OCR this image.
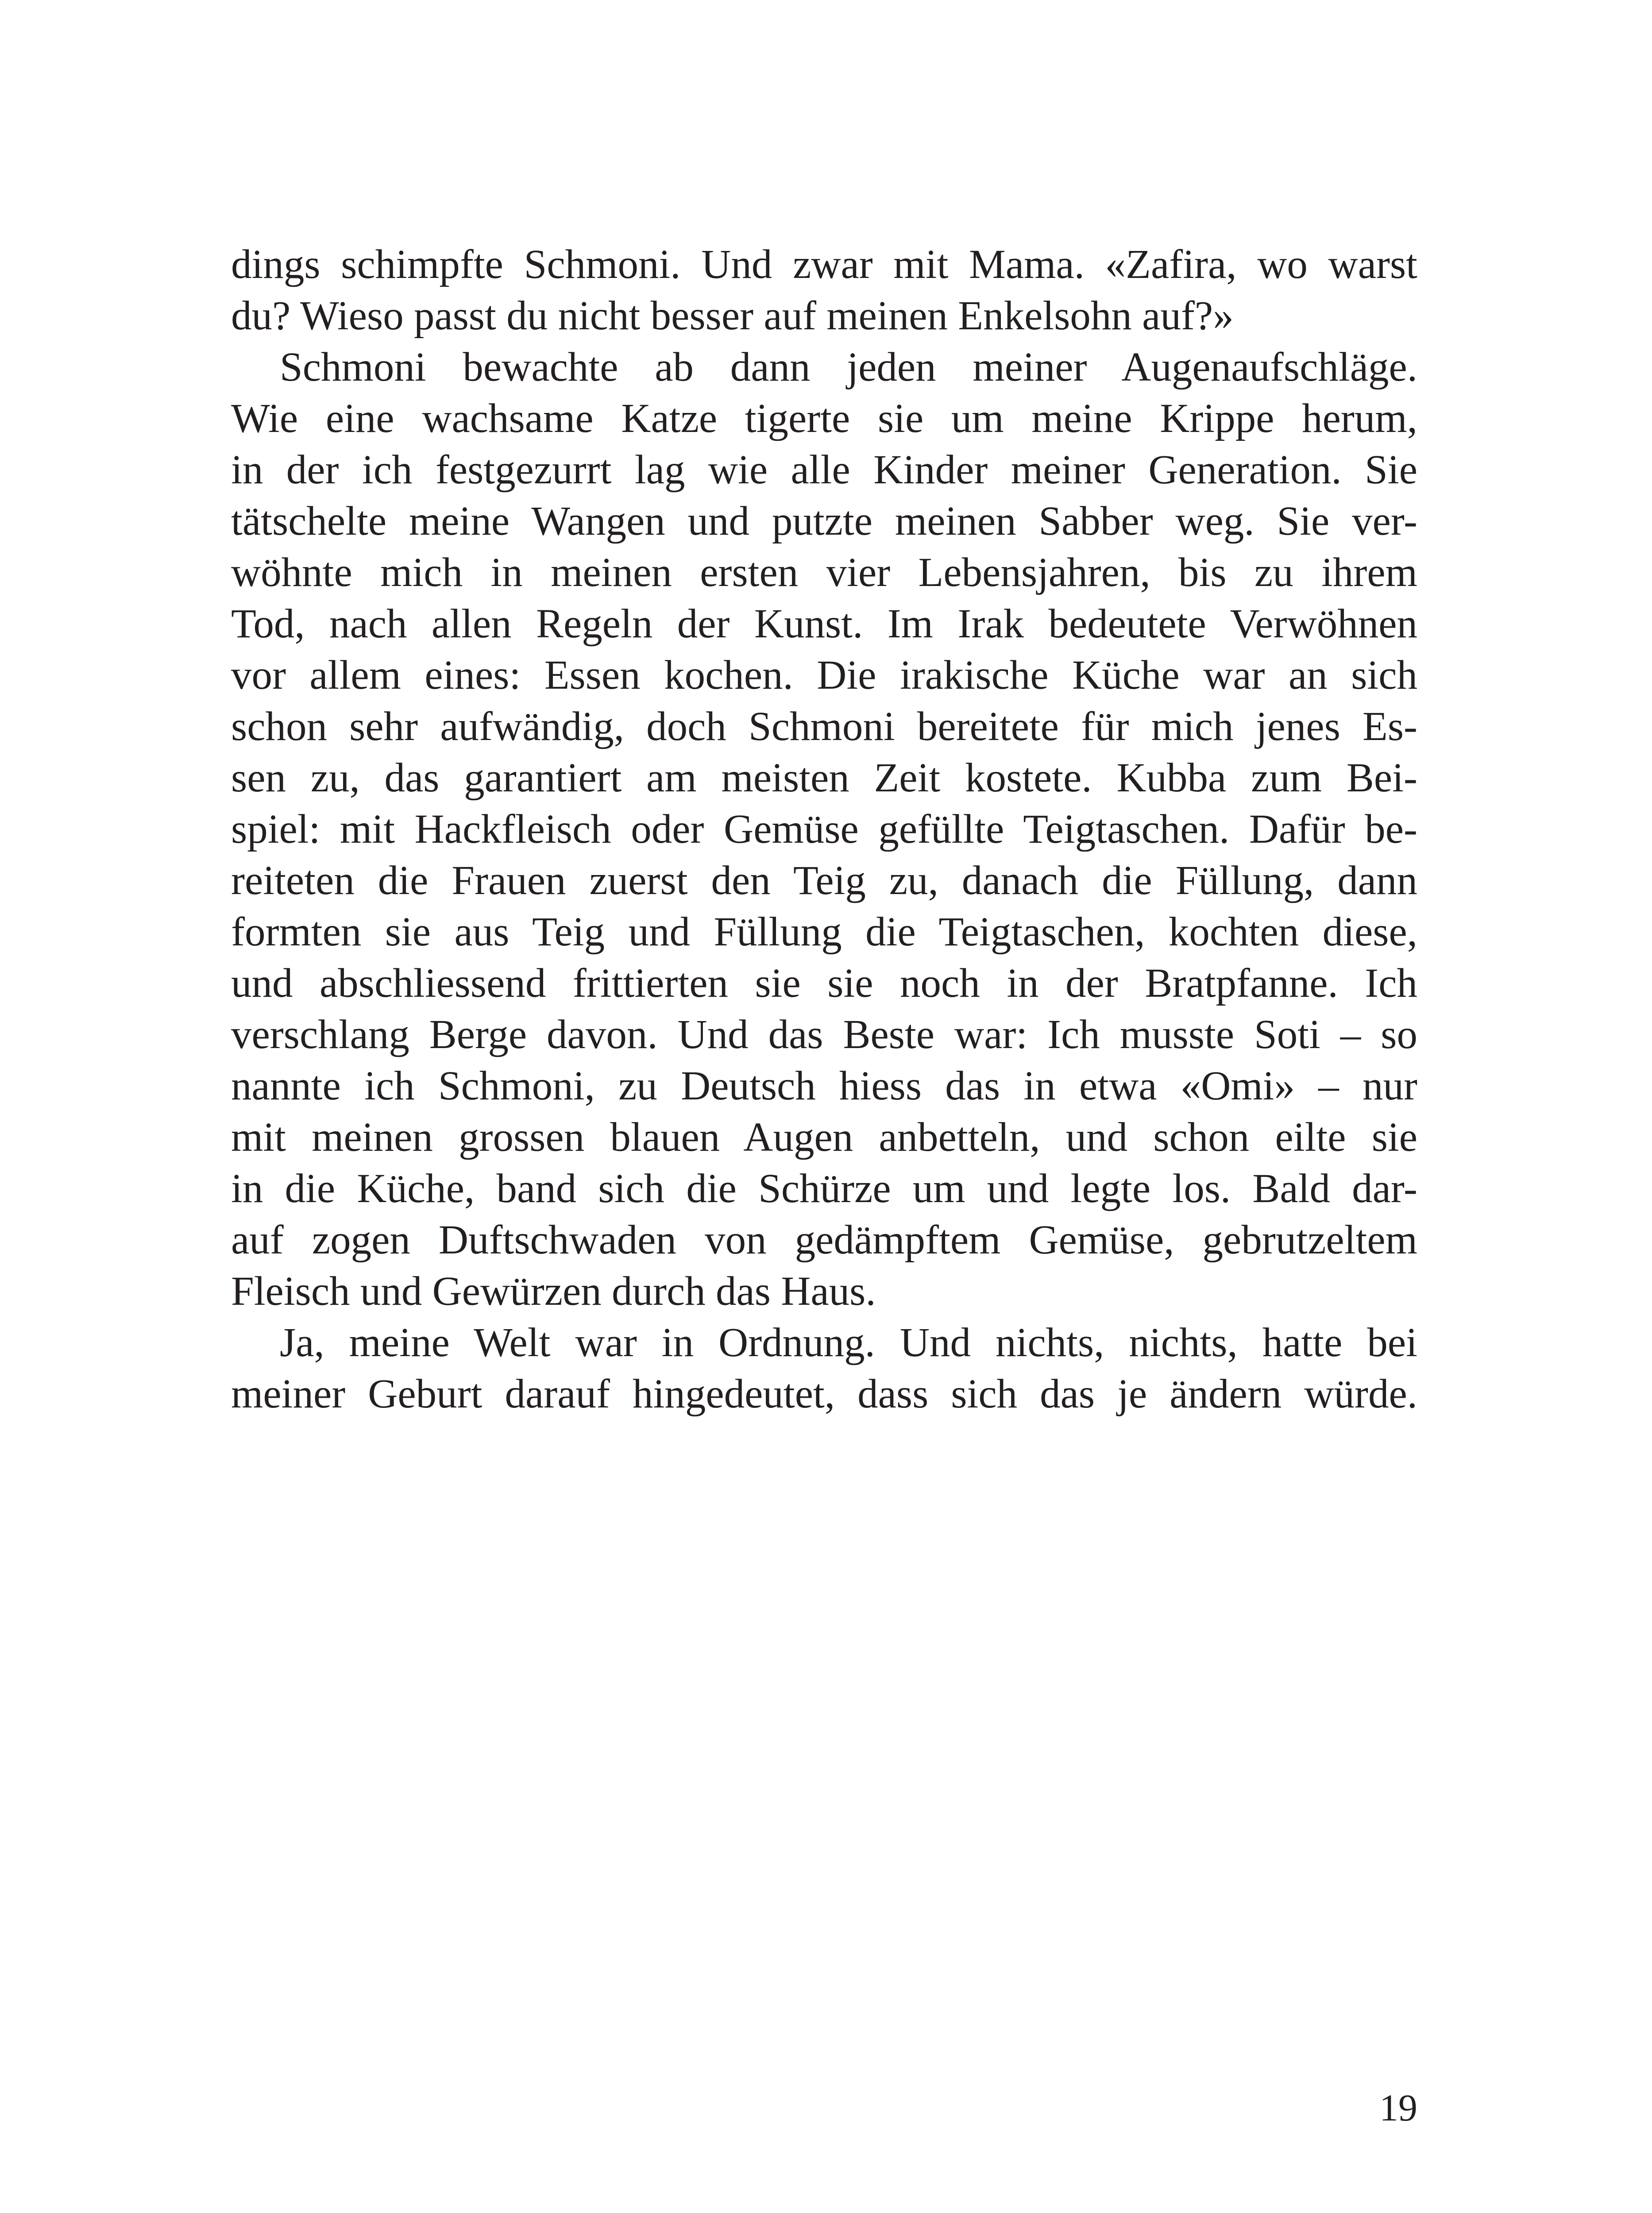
dings schimpfte Schmoni. Und zwar mit Mama. «Zafira, wo warst
du? Wieso passt du nicht besser auf meinen Enkelsohn auf?»
Schmoni bewachte ab dann jeden meiner Augenaufschläge.
Wie eine wachsame Katze tigerte sie um meine Krippe herum,
in der ich festgezurrt lag wie alle Kinder meiner Generation. Sie
tätschelte meine Wangen und putzte meinen Sabber weg. Sie ver-
wöhnte mich in meinen ersten vier Lebensjahren, bis zu ihrem
Tod, nach allen Regeln der Kunst. Im Irak bedeutete Verwöhnen
vor allem eines: Essen kochen. Die irakische Küche war an sich
schon sehr aufwändig, doch Schmoni bereitete für mich jenes Es-
sen zu, das garantiert am meisten Zeit kostete. Kubba zum Bei-
spiel: mit Hackfleisch oder Gemüse gefüllte Teigtaschen. Dafür be-
reiteten die Frauen zuerst den Teig zu, danach die Füllung, dann
formten sie aus Teig und Füllung die Teigtaschen, kochten diese,
und abschliessend frittierten sie sie noch in der Bratpfanne. Ich
verschlang Berge davon. Und das Beste war: Ich musste Soti – so
nannte ich Schmoni, zu Deutsch hiess das in etwa «Omi» – nur
mit meinen grossen blauen Augen anbetteln, und schon eilte sie
in die Küche, band sich die Schürze um und legte los. Bald dar-
auf zogen Duftschwaden von gedämpftem Gemüse, gebrutzeltem
Fleisch und Gewürzen durch das Haus.
Ja, meine Welt war in Ordnung. Und nichts, nichts, hatte bei
meiner Geburt darauf hingedeutet, dass sich das je ändern würde.
19
